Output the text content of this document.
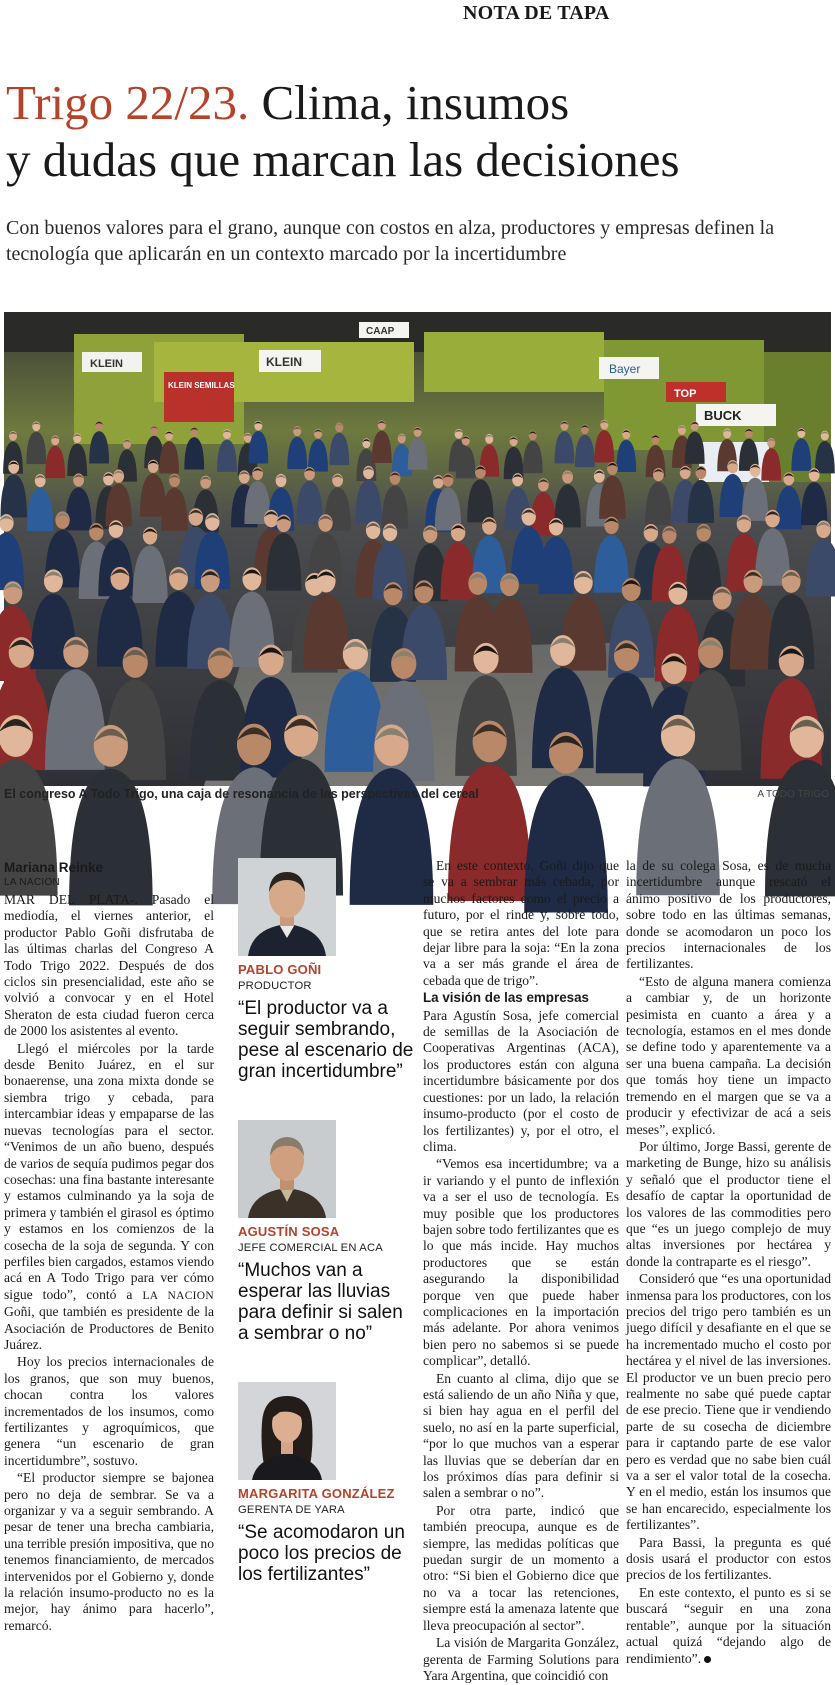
NOTA DE TAPA
Trigo 22/23. Clima, insumos
y dudas que marcan las decisiones
Con buenos valores para el grano, aunque con costos en alza, productores y empresas definen la tecnología que aplicarán en un contexto marcado por la incertidumbre
KLEIN	KLEIN
CAAP
Bayer
TOP
BUCK
KLEIN SEMILLAS
El congreso A Todo Trigo, una caja de resonancia de las perspectivas del cereal	A TODO TRIGO
Mariana Reinke
LA NACION

MAR DEL PLATA-. Pasado el mediodía, el viernes anterior, el productor Pablo Goñi disfrutaba de las últimas charlas del Congreso A Todo Trigo 2022. Después de dos ciclos sin presencialidad, este año se volvió a convocar y en el Hotel Sheraton de esta ciudad fueron cerca de 2000 los asistentes al evento.

Llegó el miércoles por la tarde desde Benito Juárez, en el sur bonaerense, una zona mixta donde se siembra trigo y cebada, para intercambiar ideas y empaparse de las nuevas tecnologías para el sector. “Venimos de un año bueno, después de varios de sequía pudimos pegar dos cosechas: una fina bastante interesante y estamos culminando ya la soja de primera y también el girasol es óptimo y estamos en los comienzos de la cosecha de la soja de segunda. Y con perfiles bien cargados, estamos viendo acá en A Todo Trigo para ver cómo sigue todo”, contó a LA NACION Goñi, que también es presidente de la Asociación de Productores de Benito Juárez.

Hoy los precios internacionales de los granos, que son muy buenos, chocan contra los valores incrementados de los insumos, como fertilizantes y agroquímicos, que genera “un escenario de gran incertidumbre”, sostuvo.

“El productor siempre se bajonea pero no deja de sembrar. Se va a organizar y va a seguir sembrando. A pesar de tener una brecha cambiaria, una terrible presión impositiva, que no tenemos financiamiento, de mercados intervenidos por el Gobierno y, donde la relación insumo-producto no es la mejor, hay ánimo para hacerlo”, remarcó.

PABLO GOÑI
PRODUCTOR
“El productor va a seguir sembrando, pese al escenario de gran incertidumbre”
AGUSTÍN SOSA
JEFE COMERCIAL EN ACA
“Muchos van a esperar las lluvias para definir si salen a sembrar o no”
MARGARITA GONZÁLEZ
GERENTA DE YARA
“Se acomodaron un poco los precios de los fertilizantes”

En este contexto, Goñi dijo que se va a sembrar más cebada, por muchos factores como el precio a futuro, por el rinde y, sobre todo, que se retira antes del lote para dejar libre para la soja: “En la zona va a ser más grande el área de cebada que de trigo”.

La visión de las empresas

Para Agustín Sosa, jefe comercial de semillas de la Asociación de Cooperativas Argentinas (ACA), los productores están con alguna incertidumbre básicamente por dos cuestiones: por un lado, la relación insumo-producto (por el costo de los fertilizantes) y, por el otro, el clima.

“Vemos esa incertidumbre; va a ir variando y el punto de inflexión va a ser el uso de tecnología. Es muy posible que los productores bajen sobre todo fertilizantes que es lo que más incide. Hay muchos productores que se están asegurando la disponibilidad porque ven que puede haber complicaciones en la importación más adelante. Por ahora venimos bien pero no sabemos si se puede complicar”, detalló.

En cuanto al clima, dijo que se está saliendo de un año Niña y que, si bien hay agua en el perfil del suelo, no así en la parte superficial, “por lo que muchos van a esperar las lluvias que se deberían dar en los próximos días para definir si salen a sembrar o no”.

Por otra parte, indicó que también preocupa, aunque es de siempre, las medidas políticas que puedan surgir de un momento a otro: “Si bien el Gobierno dice que no va a tocar las retenciones, siempre está la amenaza latente que lleva preocupación al sector”.

La visión de Margarita González, gerenta de Farming Solutions para Yara Argentina, que coincidió con

la de su colega Sosa, es de mucha incertidumbre aunque rescató el ánimo positivo de los productores, sobre todo en las últimas semanas, donde se acomodaron un poco los precios internacionales de los fertilizantes.

“Esto de alguna manera comienza a cambiar y, de un horizonte pesimista en cuanto a área y a tecnología, estamos en el mes donde se define todo y aparentemente va a ser una buena campaña. La decisión que tomás hoy tiene un impacto tremendo en el margen que se va a producir y efectivizar de acá a seis meses”, explicó.

Por último, Jorge Bassi, gerente de marketing de Bunge, hizo su análisis y señaló que el productor tiene el desafío de captar la oportunidad de los valores de las commodities pero que “es un juego complejo de muy altas inversiones por hectárea y donde la contraparte es el riesgo”.

Consideró que “es una oportunidad inmensa para los productores, con los precios del trigo pero también es un juego difícil y desafiante en el que se ha incrementado mucho el costo por hectárea y el nivel de las inversiones. El productor ve un buen precio pero realmente no sabe qué puede captar de ese precio. Tiene que ir vendiendo parte de su cosecha de diciembre para ir captando parte de ese valor pero es verdad que no sabe bien cuál va a ser el valor total de la cosecha. Y en el medio, están los insumos que se han encarecido, especialmente los fertilizantes”.

Para Bassi, la pregunta es qué dosis usará el productor con estos precios de los fertilizantes.

En este contexto, el punto es si se buscará “seguir en una zona rentable”, aunque por la situación actual quizá “dejando algo de rendimiento”.
